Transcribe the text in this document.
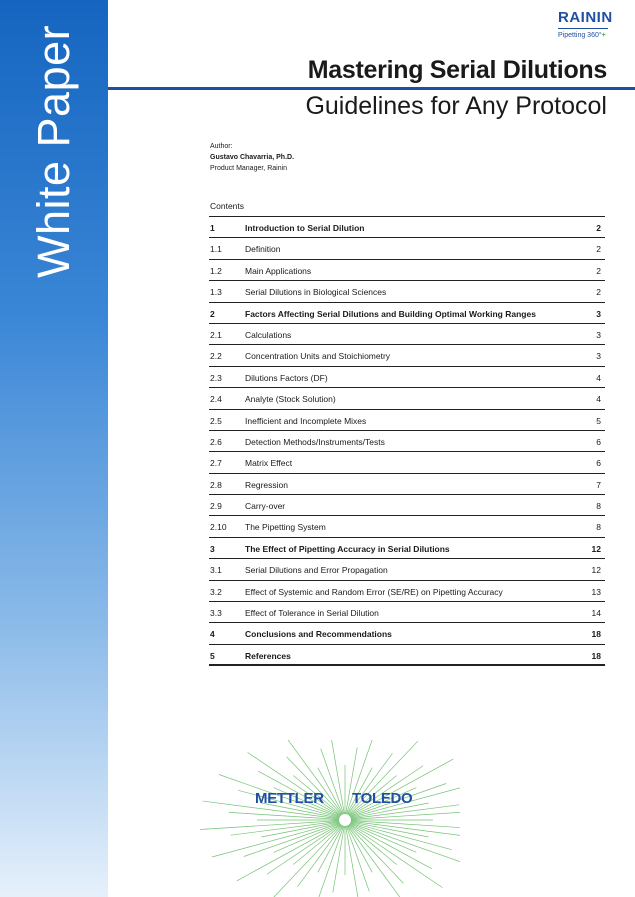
White Paper
RAININ
Pipetting 360°+
Mastering Serial Dilutions
Guidelines for Any Protocol
Author:
Gustavo Chavarria, Ph.D.
Product Manager, Rainin
Contents
1	Introduction to Serial Dilution	2
1.1	Definition	2
1.2	Main Applications	2
1.3	Serial Dilutions in Biological Sciences	2
2	Factors Affecting Serial Dilutions and Building Optimal Working Ranges	3
2.1	Calculations	3
2.2	Concentration Units and Stoichiometry	3
2.3	Dilutions Factors (DF)	4
2.4	Analyte (Stock Solution)	4
2.5	Inefficient and Incomplete Mixes	5
2.6	Detection Methods/Instruments/Tests	6
2.7	Matrix Effect	6
2.8	Regression	7
2.9	Carry-over	8
2.10 The Pipetting System	8
3	The Effect of Pipetting Accuracy in Serial Dilutions	12
3.1	Serial Dilutions and Error Propagation	12
3.2	Effect of Systemic and Random Error (SE/RE) on Pipetting Accuracy	13
3.3	Effect of Tolerance in Serial Dilution	14
4	Conclusions and Recommendations	18
5	References	18
METTLER TOLEDO
